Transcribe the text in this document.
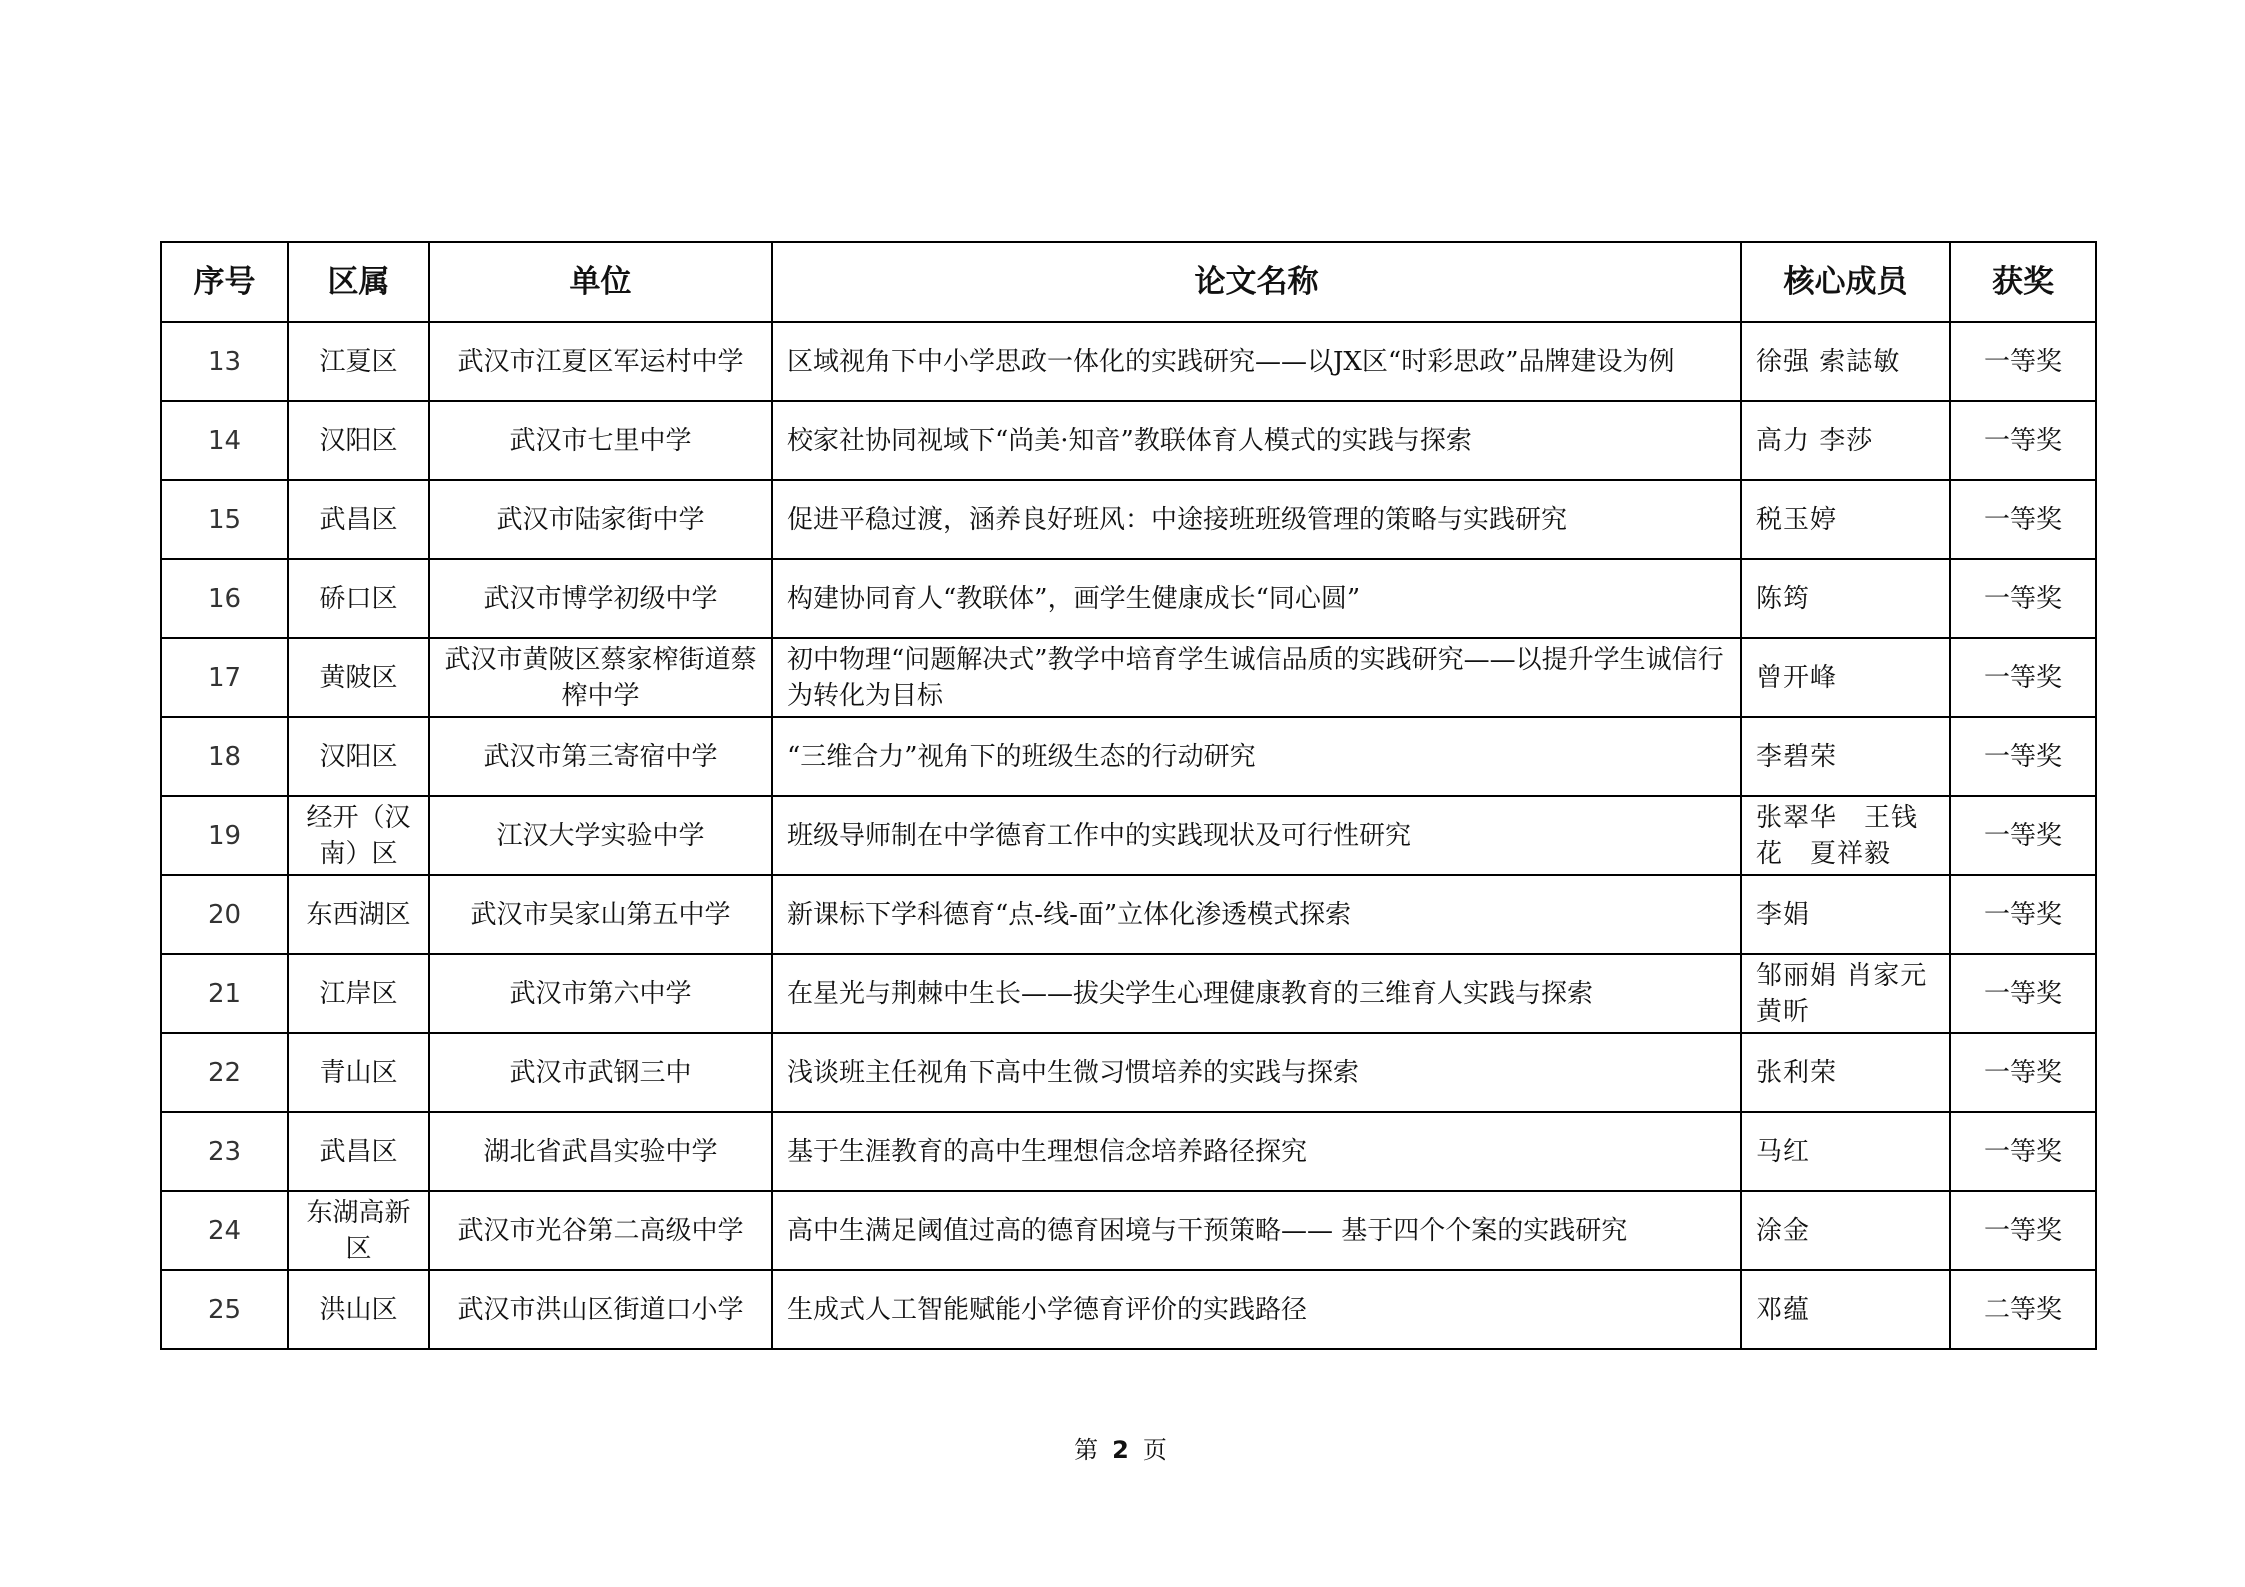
序号	区属	单位	论文名称	核心成员	获奖
13	江夏区	武汉市江夏区军运村中学	区域视角下中小学思政一体化的实践研究——以JX区“时彩思政”品牌建设为例	徐强 索誌敏	一等奖
14	汉阳区	武汉市七里中学	校家社协同视域下“尚美·知音”教联体育人模式的实践与探索	高力 李莎	一等奖
15	武昌区	武汉市陆家街中学	促进平稳过渡，涵养良好班风：中途接班班级管理的策略与实践研究	税玉婷	一等奖
16	硚口区	武汉市博学初级中学	构建协同育人“教联体”，画学生健康成长“同心圆”	陈筠	一等奖
17	黄陂区	武汉市黄陂区蔡家榨街道蔡榨中学	初中物理“问题解决式”教学中培育学生诚信品质的实践研究——以提升学生诚信行为转化为目标	曾开峰	一等奖
18	汉阳区	武汉市第三寄宿中学	“三维合力”视角下的班级生态的行动研究	李碧荣	一等奖
19	经开（汉南）区	江汉大学实验中学	班级导师制在中学德育工作中的实践现状及可行性研究	张翠华　王钱花　夏祥毅	一等奖
20	东西湖区	武汉市吴家山第五中学	新课标下学科德育“点-线-面”立体化渗透模式探索	李娟	一等奖
21	江岸区	武汉市第六中学	在星光与荆棘中生长——拔尖学生心理健康教育的三维育人实践与探索	邹丽娟 肖家元 黄昕	一等奖
22	青山区	武汉市武钢三中	浅谈班主任视角下高中生微习惯培养的实践与探索	张利荣	一等奖
23	武昌区	湖北省武昌实验中学	基于生涯教育的高中生理想信念培养路径探究	马红	一等奖
24	东湖高新区	武汉市光谷第二高级中学	高中生满足阈值过高的德育困境与干预策略—— 基于四个个案的实践研究	涂金	一等奖
25	洪山区	武汉市洪山区街道口小学	生成式人工智能赋能小学德育评价的实践路径	邓蕴	二等奖
第 2 页
